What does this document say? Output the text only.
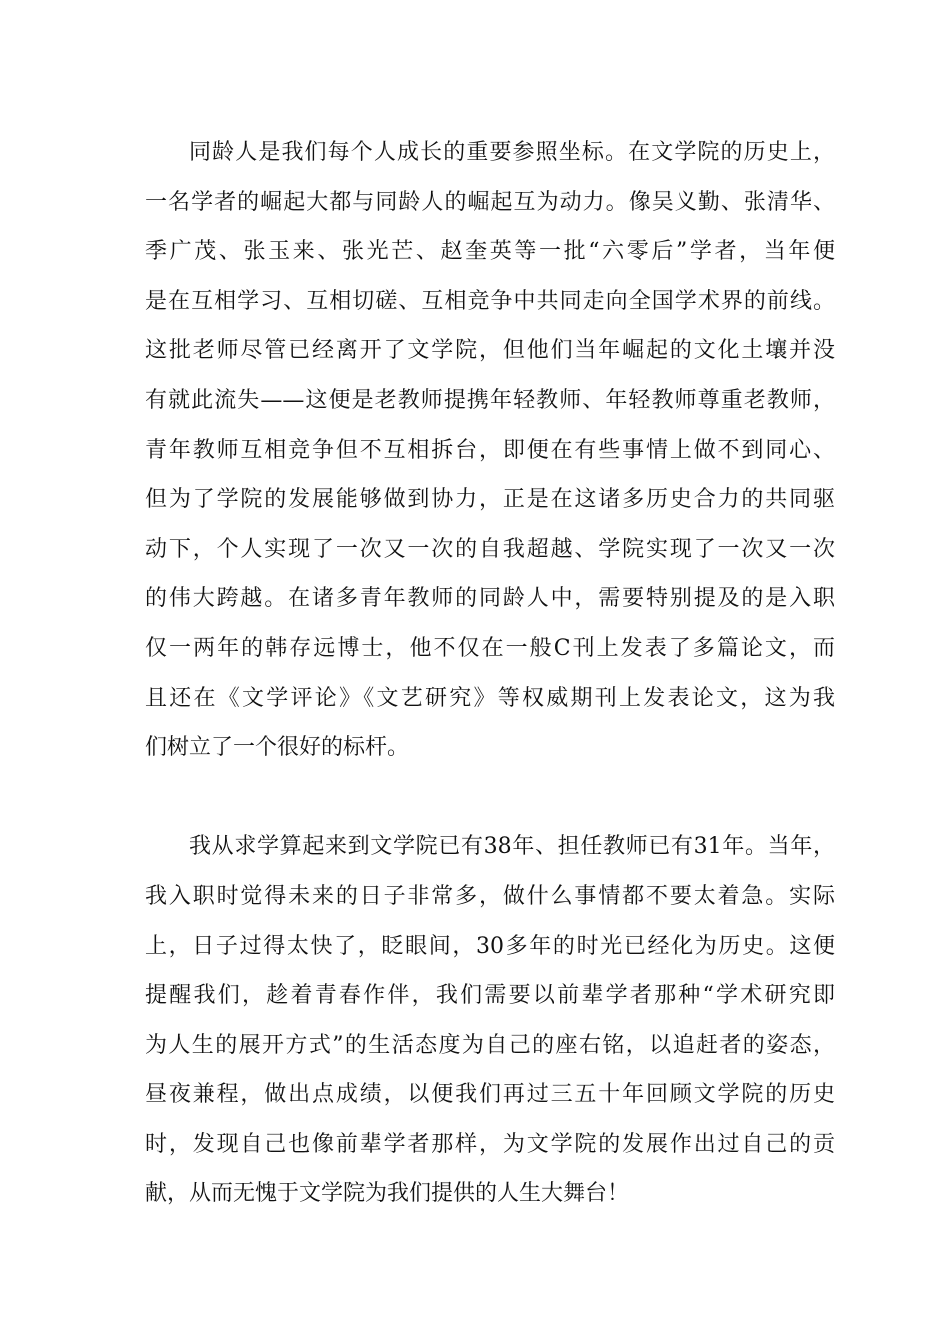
同龄人是我们每个人成长的重要参照坐标。在文学院的历史上，
一名学者的崛起大都与同龄人的崛起互为动力。像吴义勤、张清华、
季广茂、张玉来、张光芒、赵奎英等一批“六零后”学者，当年便
是在互相学习、互相切磋、互相竞争中共同走向全国学术界的前线。
这批老师尽管已经离开了文学院，但他们当年崛起的文化土壤并没
有就此流失——这便是老教师提携年轻教师、年轻教师尊重老教师，
青年教师互相竞争但不互相拆台，即便在有些事情上做不到同心、
但为了学院的发展能够做到协力，正是在这诸多历史合力的共同驱
动下，个人实现了一次又一次的自我超越、学院实现了一次又一次
的伟大跨越。在诸多青年教师的同龄人中，需要特别提及的是入职
仅一两年的韩存远博士，他不仅在一般C刊上发表了多篇论文，而
且还在《文学评论》《文艺研究》等权威期刊上发表论文，这为我
们树立了一个很好的标杆。
我从求学算起来到文学院已有38年、担任教师已有31年。当年，
我入职时觉得未来的日子非常多，做什么事情都不要太着急。实际
上，日子过得太快了，眨眼间，30多年的时光已经化为历史。这便
提醒我们，趁着青春作伴，我们需要以前辈学者那种“学术研究即
为人生的展开方式”的生活态度为自己的座右铭，以追赶者的姿态，
昼夜兼程，做出点成绩，以便我们再过三五十年回顾文学院的历史
时，发现自己也像前辈学者那样，为文学院的发展作出过自己的贡
献，从而无愧于文学院为我们提供的人生大舞台！
